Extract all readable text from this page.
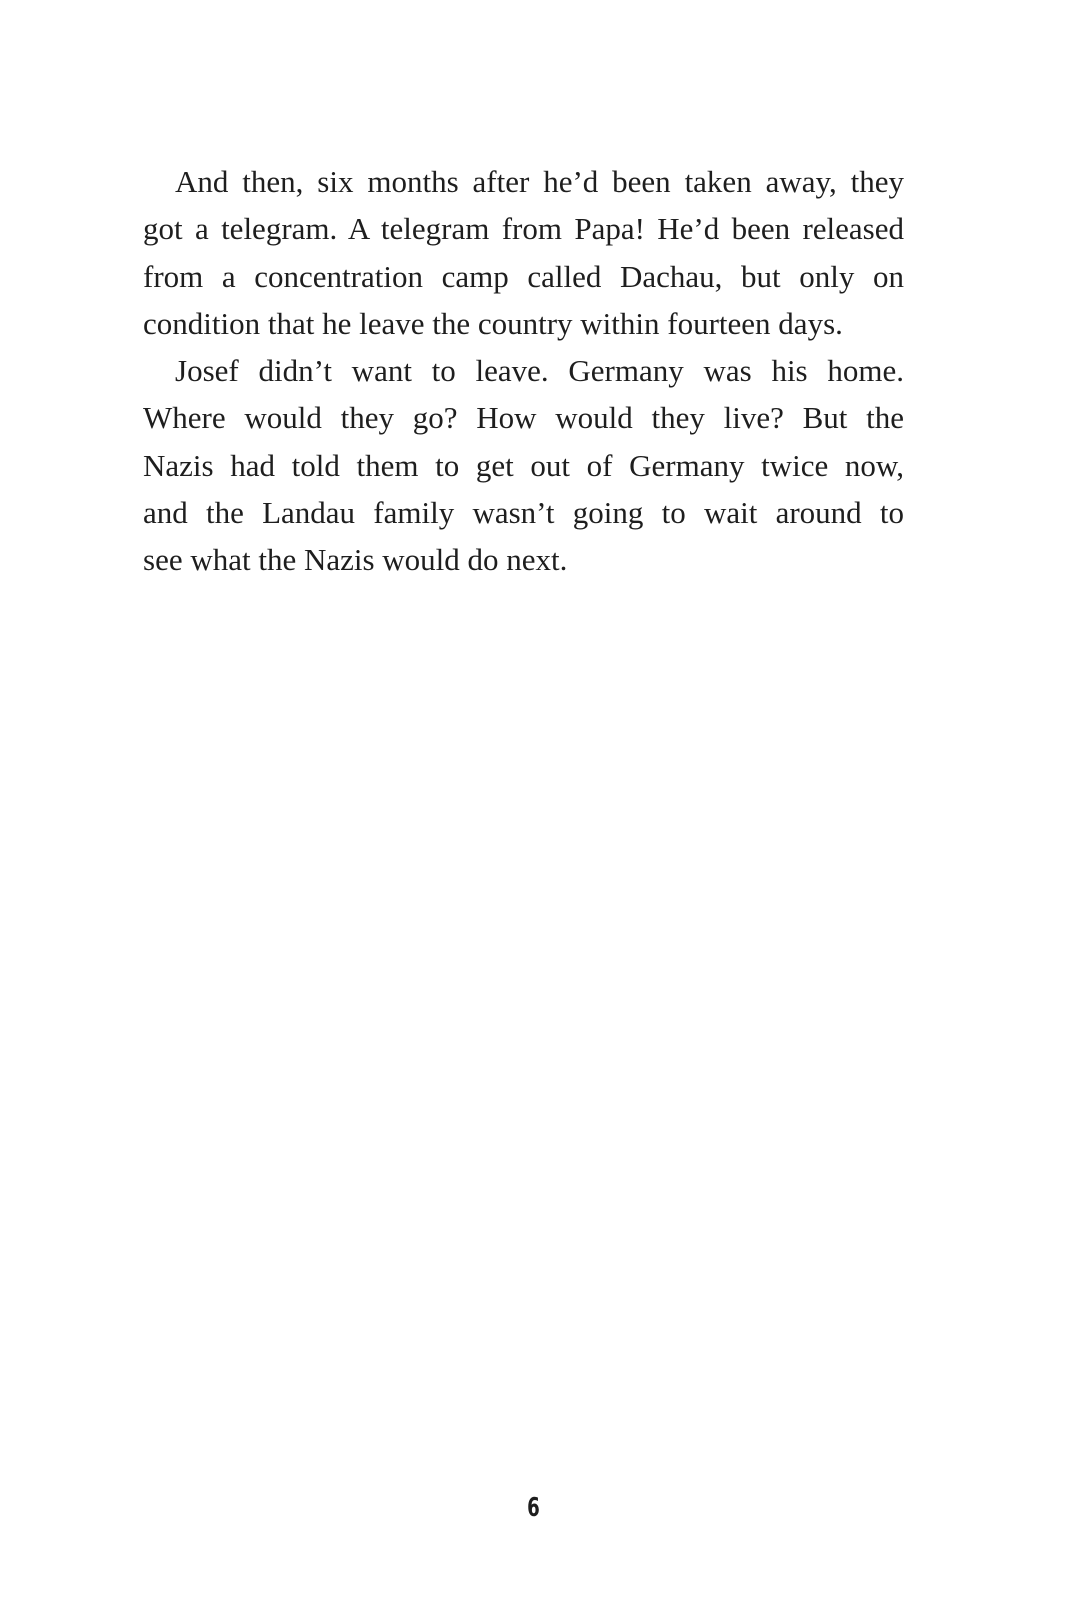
And then, six months after he’d been taken away, they
got a telegram. A telegram from Papa! He’d been released
from a concentration camp called Dachau, but only on
condition that he leave the country within fourteen days.

Josef didn’t want to leave. Germany was his home.
Where would they go? How would they live? But the
Nazis had told them to get out of Germany twice now,
and the Landau family wasn’t going to wait around to
see what the Nazis would do next.

6
